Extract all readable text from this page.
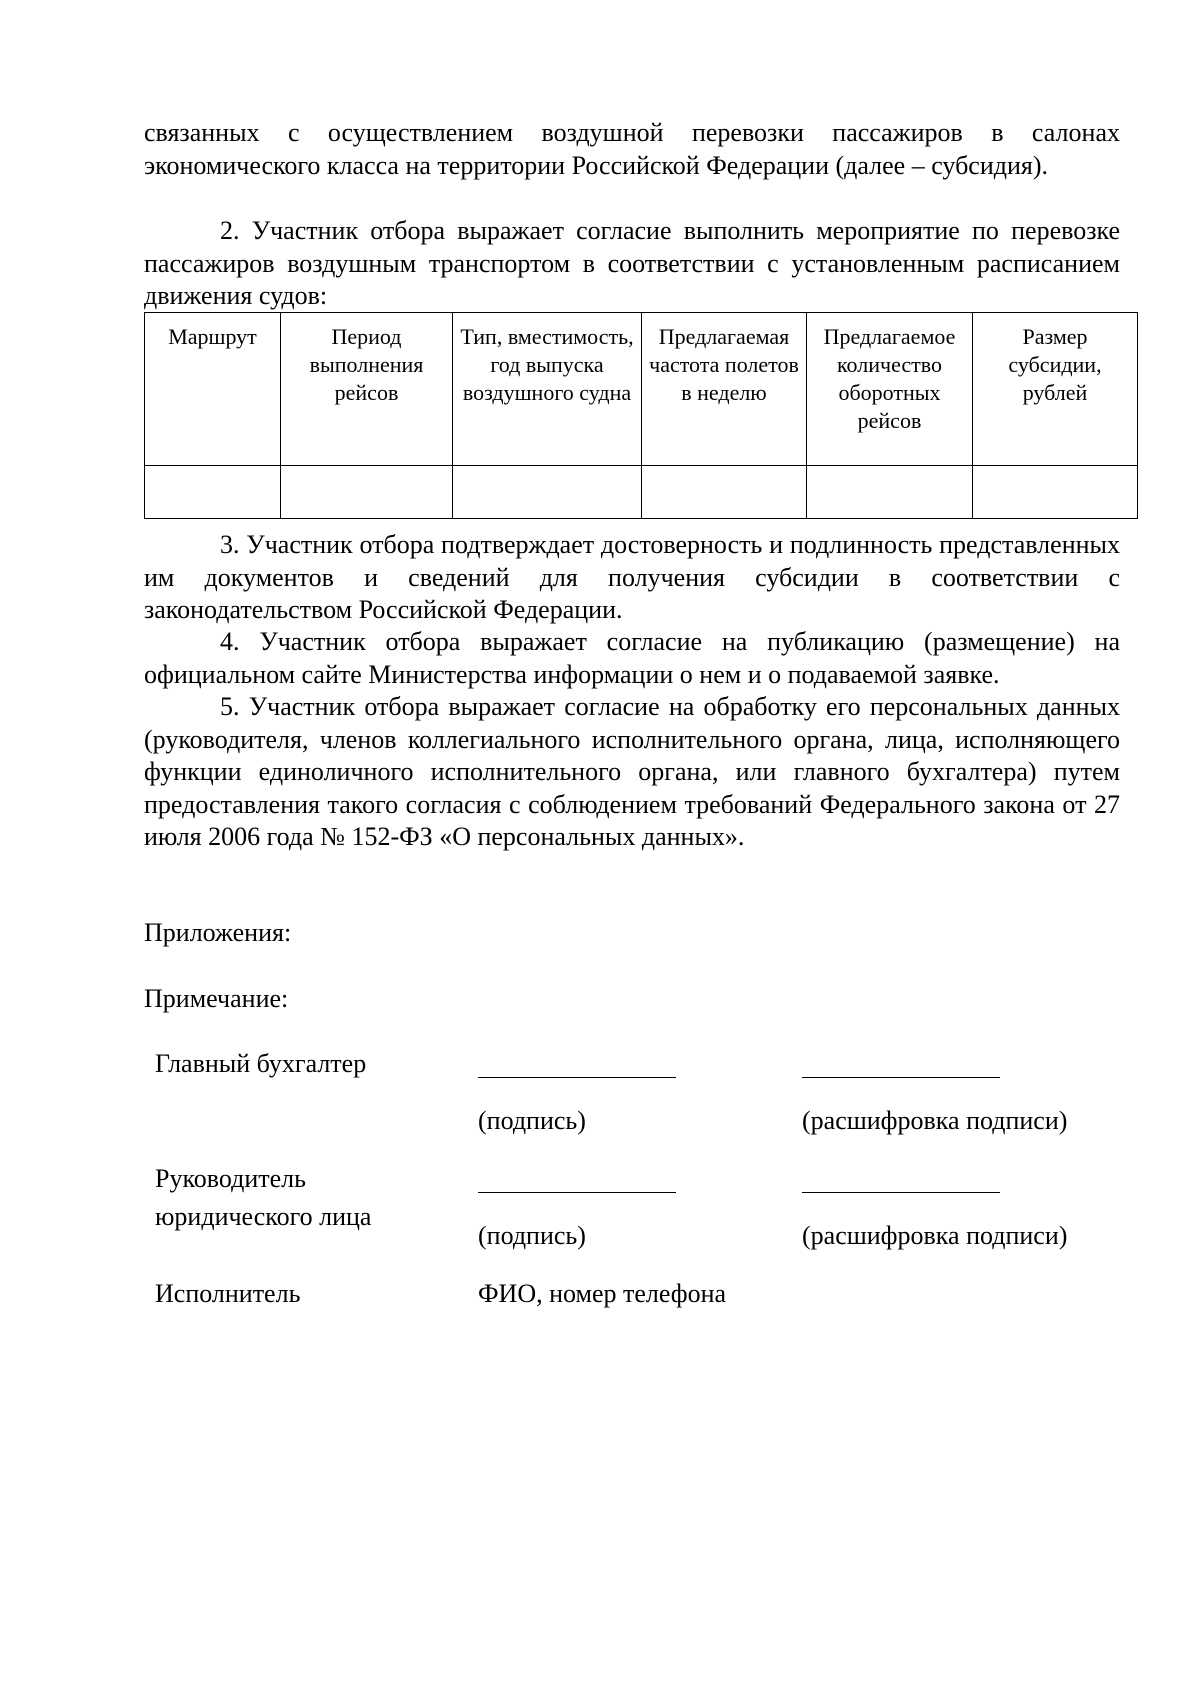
связанных с осуществлением воздушной перевозки пассажиров в салонах экономического класса на территории Российской Федерации (далее – субсидия).

2. Участник отбора выражает согласие выполнить мероприятие по перевозке пассажиров воздушным транспортом в соответствии с установленным расписанием движения судов:

Маршрут	Период выполнения рейсов	Тип, вместимость, год выпуска воздушного судна	Предлагаемая частота полетов в неделю	Предлагаемое количество оборотных рейсов	Размер субсидии, рублей

3. Участник отбора подтверждает достоверность и подлинность представленных им документов и сведений для получения субсидии в соответствии с законодательством Российской Федерации.

4. Участник отбора выражает согласие на публикацию (размещение) на официальном сайте Министерства информации о нем и о подаваемой заявке.

5. Участник отбора выражает согласие на обработку его персональных данных (руководителя, членов коллегиального исполнительного органа, лица, исполняющего функции единоличного исполнительного органа, или главного бухгалтера) путем предоставления такого согласия с соблюдением требований Федерального закона от 27 июля 2006 года № 152-ФЗ «О персональных данных».

Приложения:
Примечание:
Главный бухгалтер
(подпись)	(расшифровка подписи)
Руководитель
юридического лица
(подпись)	(расшифровка подписи)
Исполнитель	ФИО, номер телефона
